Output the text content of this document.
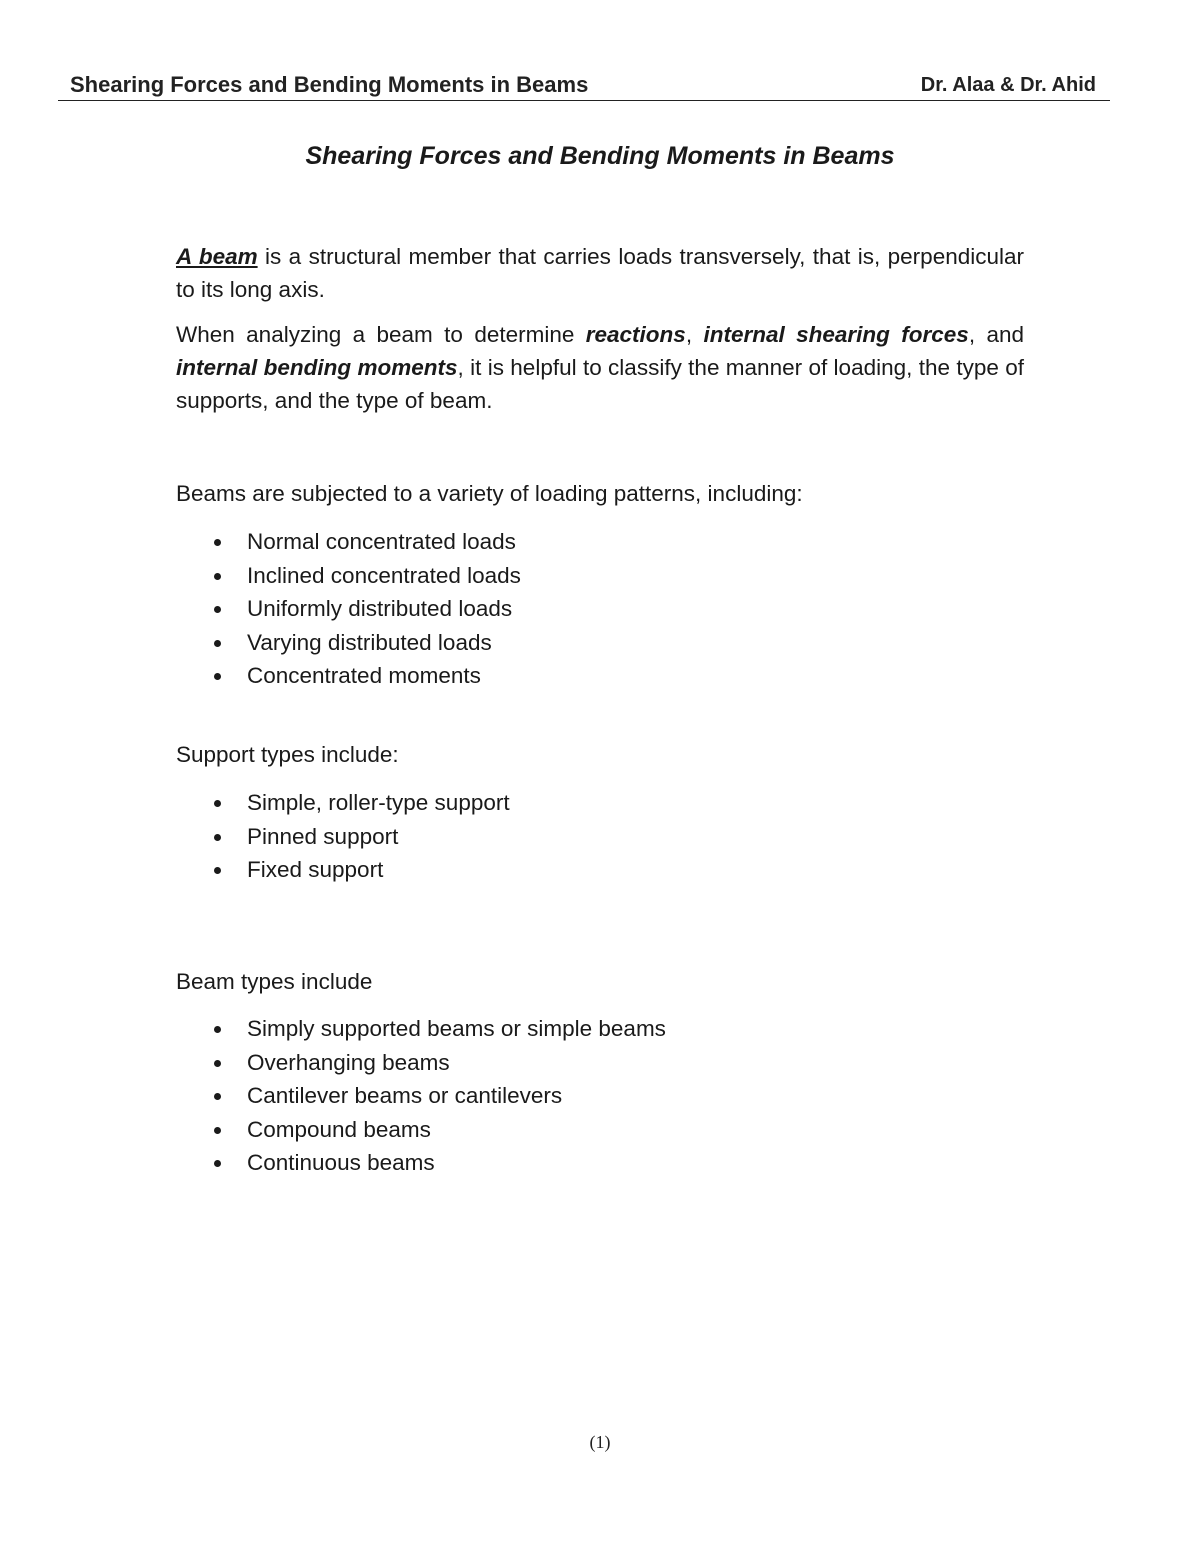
Shearing Forces and Bending Moments in Beams	Dr. Alaa & Dr. Ahid
Shearing Forces and Bending Moments in Beams

A beam is a structural member that carries loads transversely, that is, perpendicular to its long axis.

When analyzing a beam to determine reactions, internal shearing forces, and internal bending moments, it is helpful to classify the manner of loading, the type of supports, and the type of beam.

Beams are subjected to a variety of loading patterns, including:

Normal concentrated loads
Inclined concentrated loads
Uniformly distributed loads
Varying distributed loads
Concentrated moments

Support types include:

Simple, roller-type support
Pinned support
Fixed support

Beam types include

Simply supported beams or simple beams
Overhanging beams
Cantilever beams or cantilevers
Compound beams
Continuous beams
(1)
